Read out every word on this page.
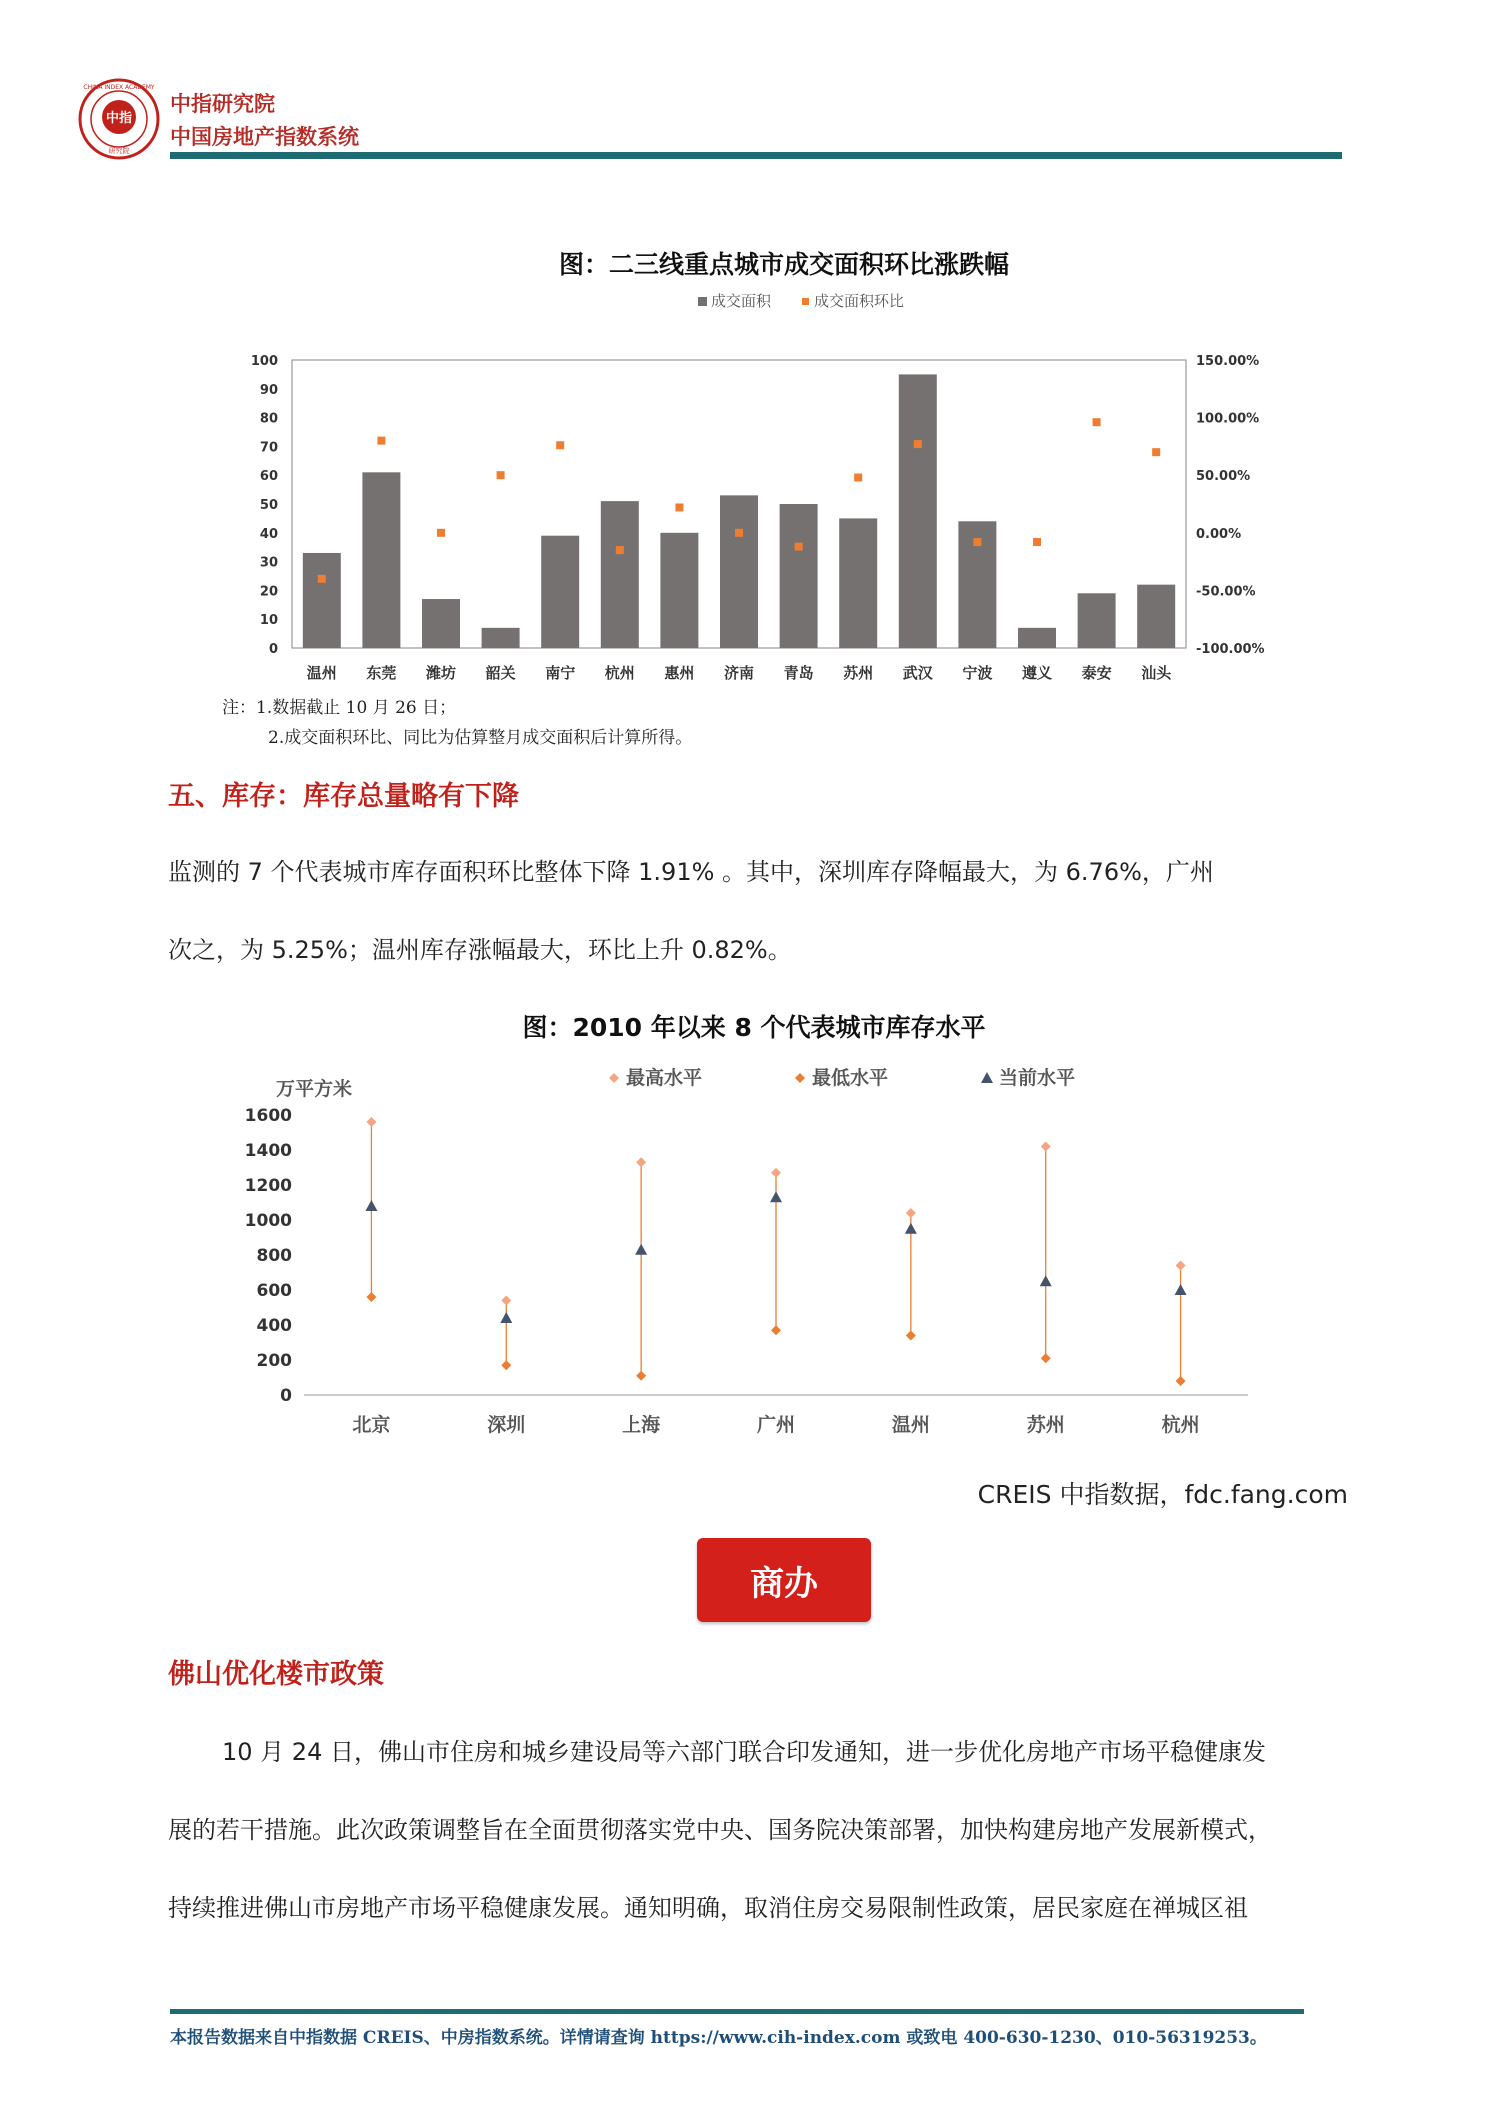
中指
研究院
CHINA INDEX ACADEMY
中指研究院
中国房地产指数系统
图：二三线重点城市成交面积环比涨跌幅
成交面积	成交面积环比
0
10
20
30
40
50
60
70
80
90
100
-100.00%
-50.00%
0.00%
50.00%
100.00%
150.00%
温州 东莞 潍坊 韶关 南宁 杭州 惠州 济南 青岛 苏州 武汉 宁波 遵义 泰安 汕头
注：1.数据截止 10 月 26 日；
2.成交面积环比、同比为估算整月成交面积后计算所得。
五、库存：库存总量略有下降
监测的 7 个代表城市库存面积环比整体下降 1.91% 。其中，深圳库存降幅最大，为 6.76%，广州
次之，为 5.25%；温州库存涨幅最大，环比上升 0.82%。
图：2010 年以来 8 个代表城市库存水平
万平方米	最高水平	最低水平	当前水平
0
200
400
600
800
1000
1200
1400
1600
北京	深圳	上海	广州	温州	苏州	杭州
CREIS 中指数据，fdc.fang.com
商办
佛山优化楼市政策
10 月 24 日，佛山市住房和城乡建设局等六部门联合印发通知，进一步优化房地产市场平稳健康发
展的若干措施。此次政策调整旨在全面贯彻落实党中央、国务院决策部署，加快构建房地产发展新模式，
持续推进佛山市房地产市场平稳健康发展。通知明确，取消住房交易限制性政策，居民家庭在禅城区祖
本报告数据来自中指数据 CREIS、中房指数系统。详情请查询 https://www.cih-index.com 或致电 400-630-1230、010-56319253。
